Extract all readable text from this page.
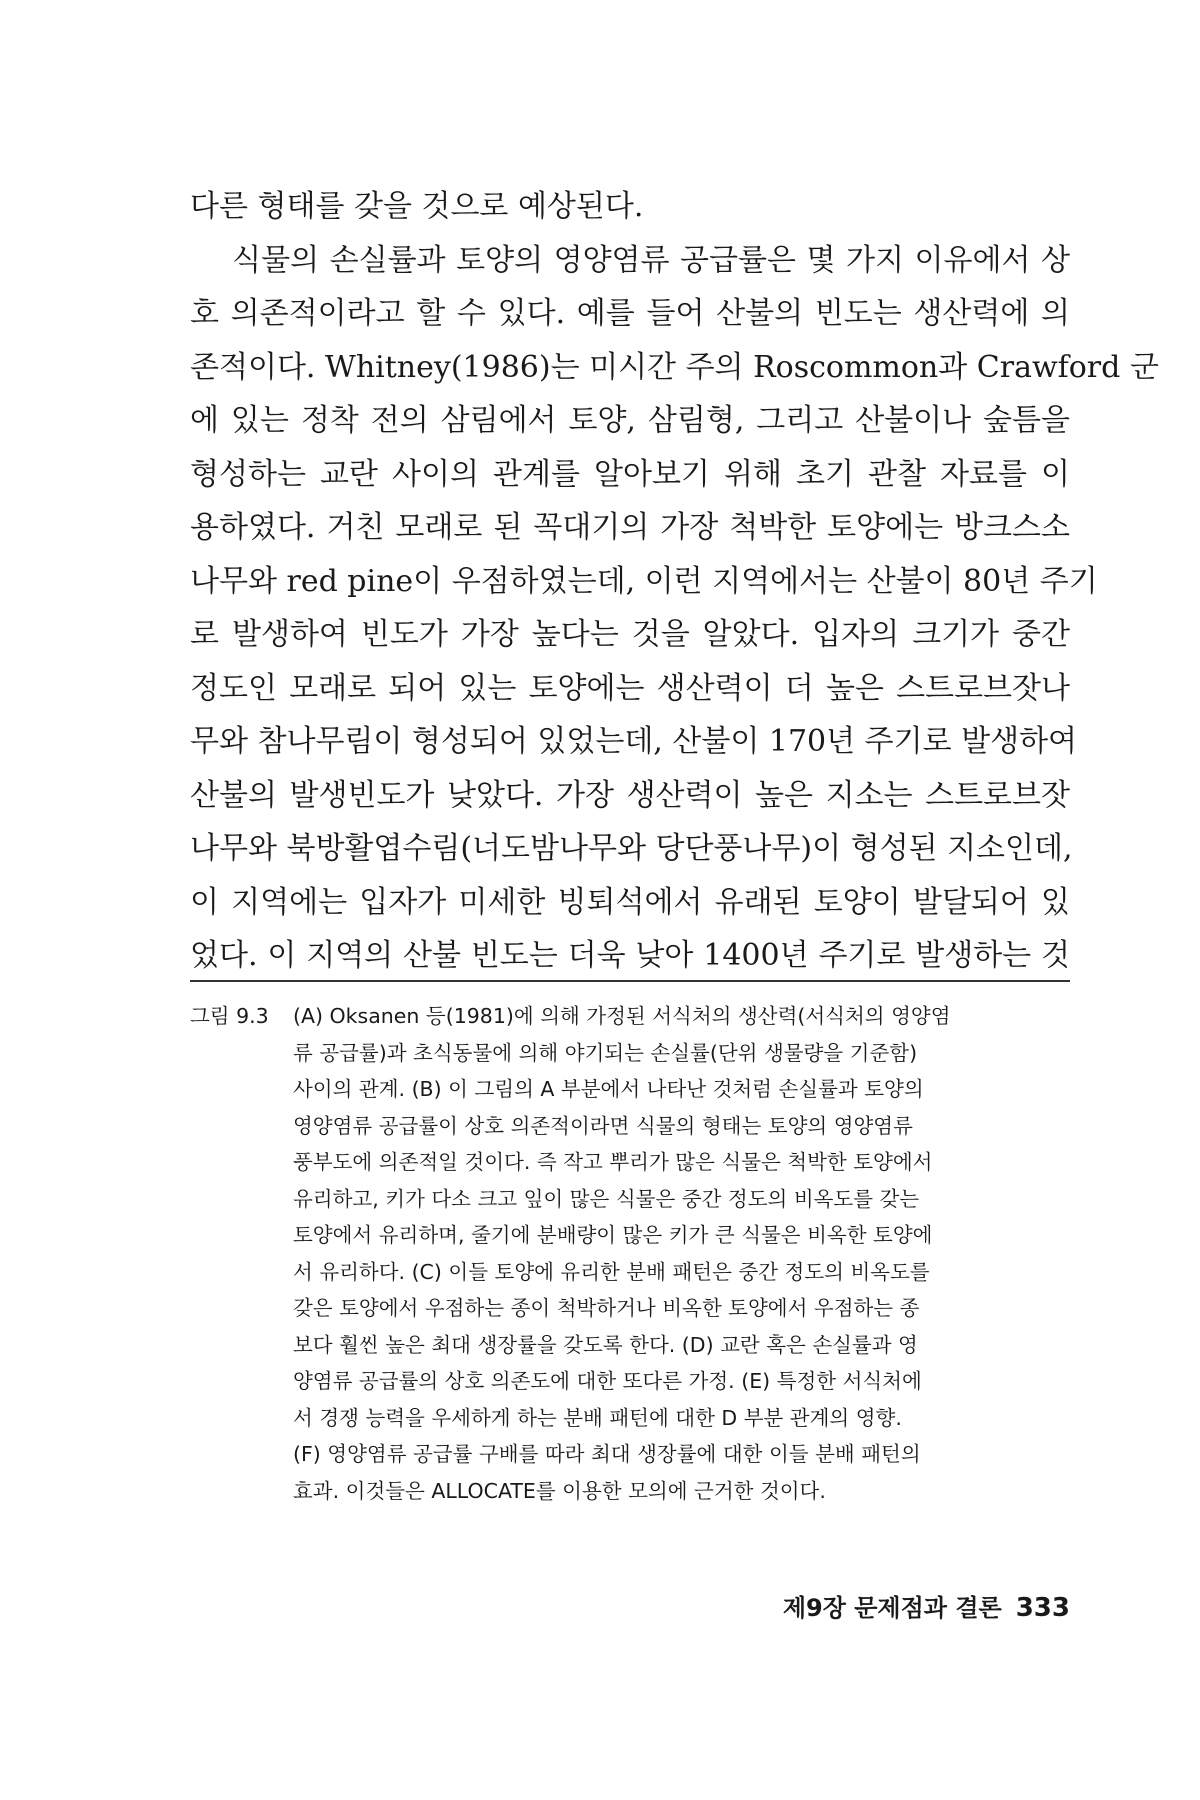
다른 형태를 갖을 것으로 예상된다.
식물의 손실률과 토양의 영양염류 공급률은 몇 가지 이유에서 상
호 의존적이라고 할 수 있다. 예를 들어 산불의 빈도는 생산력에 의
존적이다. Whitney(1986)는 미시간 주의 Roscommon과 Crawford 군
에 있는 정착 전의 삼림에서 토양, 삼림형, 그리고 산불이나 숲틈을
형성하는 교란 사이의 관계를 알아보기 위해 초기 관찰 자료를 이
용하였다. 거친 모래로 된 꼭대기의 가장 척박한 토양에는 방크스소
나무와 red pine이 우점하였는데, 이런 지역에서는 산불이 80년 주기
로 발생하여 빈도가 가장 높다는 것을 알았다. 입자의 크기가 중간
정도인 모래로 되어 있는 토양에는 생산력이 더 높은 스트로브잣나
무와 참나무림이 형성되어 있었는데, 산불이 170년 주기로 발생하여
산불의 발생빈도가 낮았다. 가장 생산력이 높은 지소는 스트로브잣
나무와 북방활엽수림(너도밤나무와 당단풍나무)이 형성된 지소인데,
이 지역에는 입자가 미세한 빙퇴석에서 유래된 토양이 발달되어 있
었다. 이 지역의 산불 빈도는 더욱 낮아 1400년 주기로 발생하는 것
그림 9.3	(A) Oksanen 등(1981)에 의해 가정된 서식처의 생산력(서식처의 영양염
류 공급률)과 초식동물에 의해 야기되는 손실률(단위 생물량을 기준함)
사이의 관계. (B) 이 그림의 A 부분에서 나타난 것처럼 손실률과 토양의
영양염류 공급률이 상호 의존적이라면 식물의 형태는 토양의 영양염류
풍부도에 의존적일 것이다. 즉 작고 뿌리가 많은 식물은 척박한 토양에서
유리하고, 키가 다소 크고 잎이 많은 식물은 중간 정도의 비옥도를 갖는
토양에서 유리하며, 줄기에 분배량이 많은 키가 큰 식물은 비옥한 토양에
서 유리하다. (C) 이들 토양에 유리한 분배 패턴은 중간 정도의 비옥도를
갖은 토양에서 우점하는 종이 척박하거나 비옥한 토양에서 우점하는 종
보다 훨씬 높은 최대 생장률을 갖도록 한다. (D) 교란 혹은 손실률과 영
양염류 공급률의 상호 의존도에 대한 또다른 가정. (E) 특정한 서식처에
서 경쟁 능력을 우세하게 하는 분배 패턴에 대한 D 부분 관계의 영향.
(F) 영양염류 공급률 구배를 따라 최대 생장률에 대한 이들 분배 패턴의
효과. 이것들은 ALLOCATE를 이용한 모의에 근거한 것이다.
제9장 문제점과 결론 333
